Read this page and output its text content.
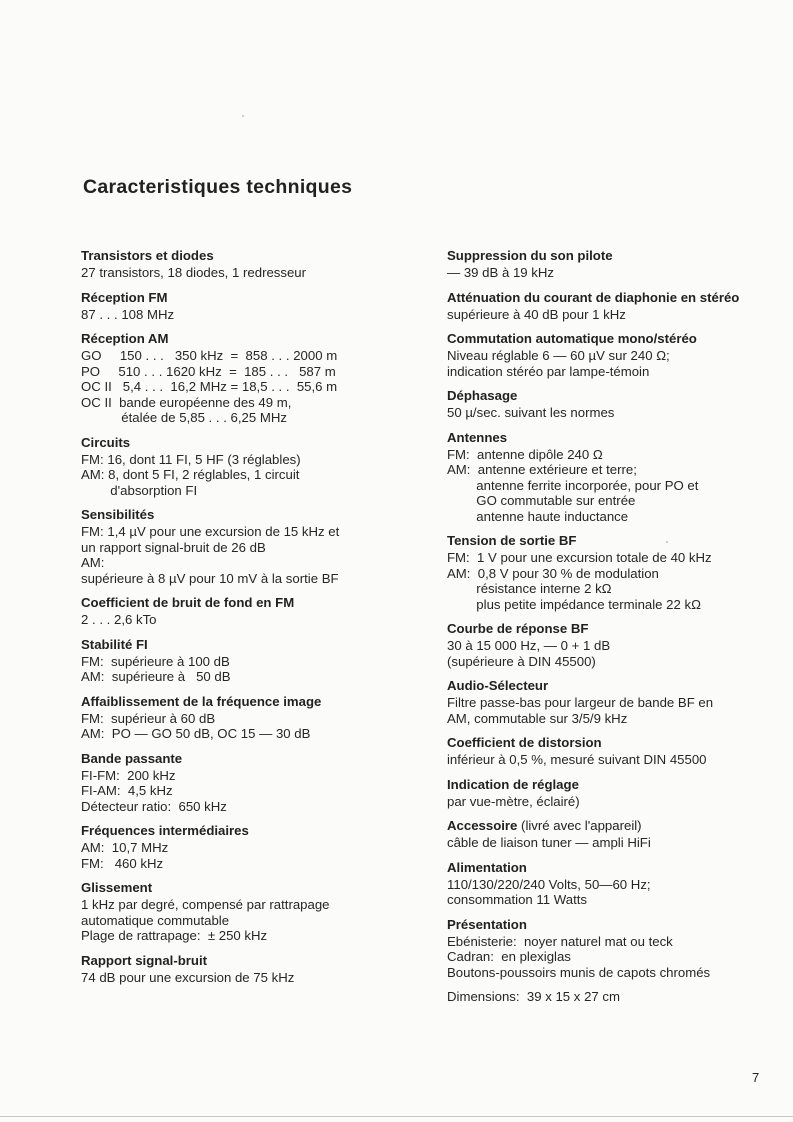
Caracteristiques techniques
Transistors et diodes
27 transistors, 18 diodes, 1 redresseur
Réception FM
87 . . . 108 MHz
Réception AM
GO     150 . . .   350 kHz  =  858 . . . 2000 m
PO     510 . . . 1620 kHz  =  185 . . .   587 m
OC II   5,4 . . .  16,2 MHz = 18,5 . . .  55,6 m
OC II  bande européenne des 49 m,
étalée de 5,85 . . . 6,25 MHz
Circuits
FM: 16, dont 11 FI, 5 HF (3 réglables)
AM: 8, dont 5 FI, 2 réglables, 1 circuit
d'absorption FI
Sensibilités
FM: 1,4 µV pour une excursion de 15 kHz et
un rapport signal-bruit de 26 dB
AM:
supérieure à 8 µV pour 10 mV à la sortie BF
Coefficient de bruit de fond en FM
2 . . . 2,6 kTo
Stabilité FI
FM:  supérieure à 100 dB
AM:  supérieure à   50 dB
Affaiblissement de la fréquence image
FM:  supérieur à 60 dB
AM:  PO — GO 50 dB, OC 15 — 30 dB
Bande passante
FI-FM:  200 kHz
FI-AM:  4,5 kHz
Détecteur ratio:  650 kHz
Fréquences intermédiaires
AM:  10,7 MHz
FM:   460 kHz
Glissement
1 kHz par degré, compensé par rattrapage
automatique commutable
Plage de rattrapage:  ± 250 kHz
Rapport signal-bruit
74 dB pour une excursion de 75 kHz
Suppression du son pilote
— 39 dB à 19 kHz
Atténuation du courant de diaphonie en stéréo
supérieure à 40 dB pour 1 kHz
Commutation automatique mono/stéréo
Niveau réglable 6 — 60 µV sur 240 Ω;
indication stéréo par lampe-témoin
Déphasage
50 µ/sec. suivant les normes
Antennes
FM:  antenne dipôle 240 Ω
AM:  antenne extérieure et terre;
antenne ferrite incorporée, pour PO et
GO commutable sur entrée
antenne haute inductance
Tension de sortie BF
FM:  1 V pour une excursion totale de 40 kHz
AM:  0,8 V pour 30 % de modulation
résistance interne 2 kΩ
plus petite impédance terminale 22 kΩ
Courbe de réponse BF
30 à 15 000 Hz, — 0 + 1 dB
(supérieure à DIN 45500)
Audio-Sélecteur
Filtre passe-bas pour largeur de bande BF en
AM, commutable sur 3/5/9 kHz
Coefficient de distorsion
inférieur à 0,5 %, mesuré suivant DIN 45500
Indication de réglage
par vue-mètre, éclairé)
Accessoire (livré avec l'appareil)
câble de liaison tuner — ampli HiFi
Alimentation
110/130/220/240 Volts, 50—60 Hz;
consommation 11 Watts
Présentation
Ebénisterie:  noyer naturel mat ou teck
Cadran:  en plexiglas
Boutons-poussoirs munis de capots chromés
Dimensions:  39 x 15 x 27 cm
7
